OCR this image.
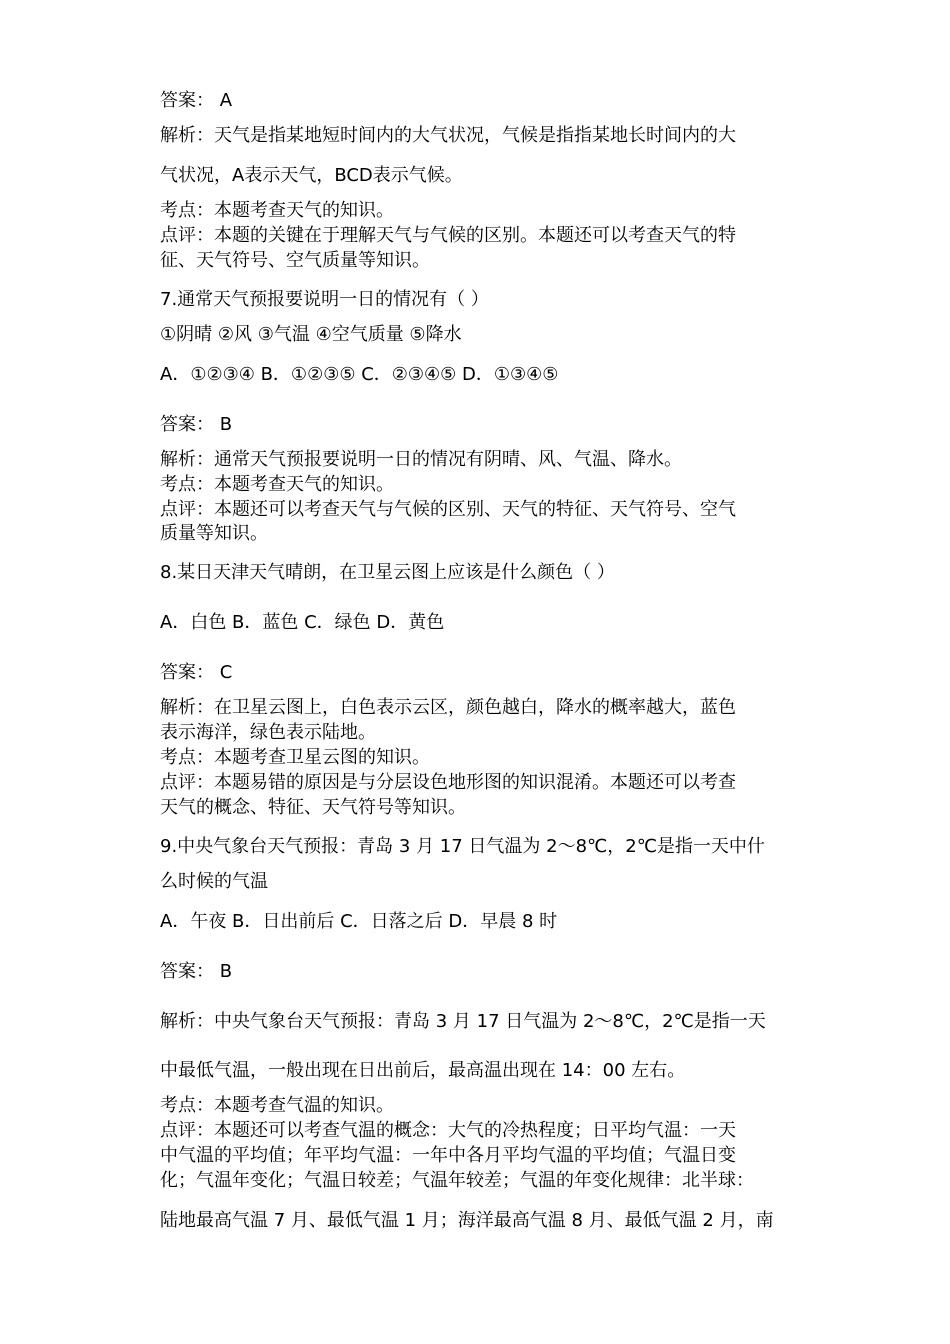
答案： A
解析：天气是指某地短时间内的大气状况，气候是指指某地长时间内的大
气状况，A表示天气，BCD表示气候。
考点：本题考查天气的知识。
点评：本题的关键在于理解天气与气候的区别。本题还可以考查天气的特
征、天气符号、空气质量等知识。
7.通常天气预报要说明一日的情况有（ ）
①阴晴 ②风 ③气温 ④空气质量 ⑤降水
A．①②③④ B．①②③⑤ C．②③④⑤ D．①③④⑤
答案： B
解析：通常天气预报要说明一日的情况有阴晴、风、气温、降水。
考点：本题考查天气的知识。
点评：本题还可以考查天气与气候的区别、天气的特征、天气符号、空气
质量等知识。
8.某日天津天气晴朗，在卫星云图上应该是什么颜色（ ）
A．白色 B．蓝色 C．绿色 D．黄色
答案： C
解析：在卫星云图上，白色表示云区，颜色越白，降水的概率越大，蓝色
表示海洋，绿色表示陆地。
考点：本题考查卫星云图的知识。
点评：本题易错的原因是与分层设色地形图的知识混淆。本题还可以考查
天气的概念、特征、天气符号等知识。
9.中央气象台天气预报：青岛 3 月 17 日气温为 2～8℃，2℃是指一天中什
么时候的气温
A．午夜 B．日出前后 C．日落之后 D．早晨 8 时
答案： B
解析：中央气象台天气预报：青岛 3 月 17 日气温为 2～8℃，2℃是指一天
中最低气温，一般出现在日出前后，最高温出现在 14：00 左右。
考点：本题考查气温的知识。
点评：本题还可以考查气温的概念：大气的冷热程度；日平均气温：一天
中气温的平均值；年平均气温：一年中各月平均气温的平均值；气温日变
化；气温年变化；气温日较差；气温年较差；气温的年变化规律：北半球：
陆地最高气温 7 月、最低气温 1 月；海洋最高气温 8 月、最低气温 2 月，南
